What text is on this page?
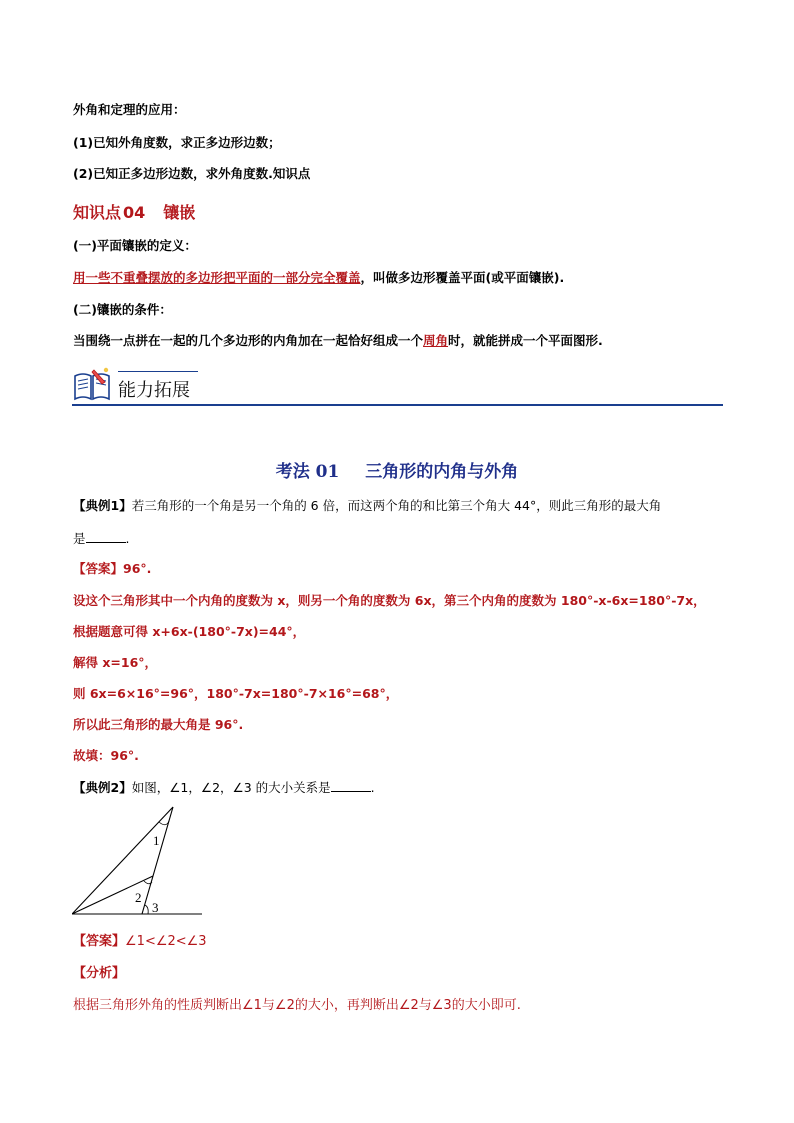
外角和定理的应用：
(1)已知外角度数，求正多边形边数；
(2)已知正多边形边数，求外角度数.知识点
知识点 04 镶嵌
(一)平面镶嵌的定义：
用一些不重叠摆放的多边形把平面的一部分完全覆盖，叫做多边形覆盖平面(或平面镶嵌).
(二)镶嵌的条件：
当围绕一点拼在一起的几个多边形的内角加在一起恰好组成一个周角时，就能拼成一个平面图形.
能力拓展
考法 01 三角形的内角与外角
【典例1】若三角形的一个角是另一个角的 6 倍，而这两个角的和比第三个角大 44°，则此三角形的最大角
是	.
【答案】96°.
设这个三角形其中一个内角的度数为 x，则另一个角的度数为 6x，第三个内角的度数为 180°-x-6x=180°-7x，
根据题意可得 x+6x-(180°-7x)=44°，
解得 x=16°，
则 6x=6×16°=96°，180°-7x=180°-7×16°=68°，
所以此三角形的最大角是 96°.
故填：96°.
【典例2】如图，∠1，∠2，∠3 的大小关系是	.
1
2
3
【答案】∠1<∠2<∠3
【分析】
根据三角形外角的性质判断出∠1与∠2的大小，再判断出∠2与∠3的大小即可.
